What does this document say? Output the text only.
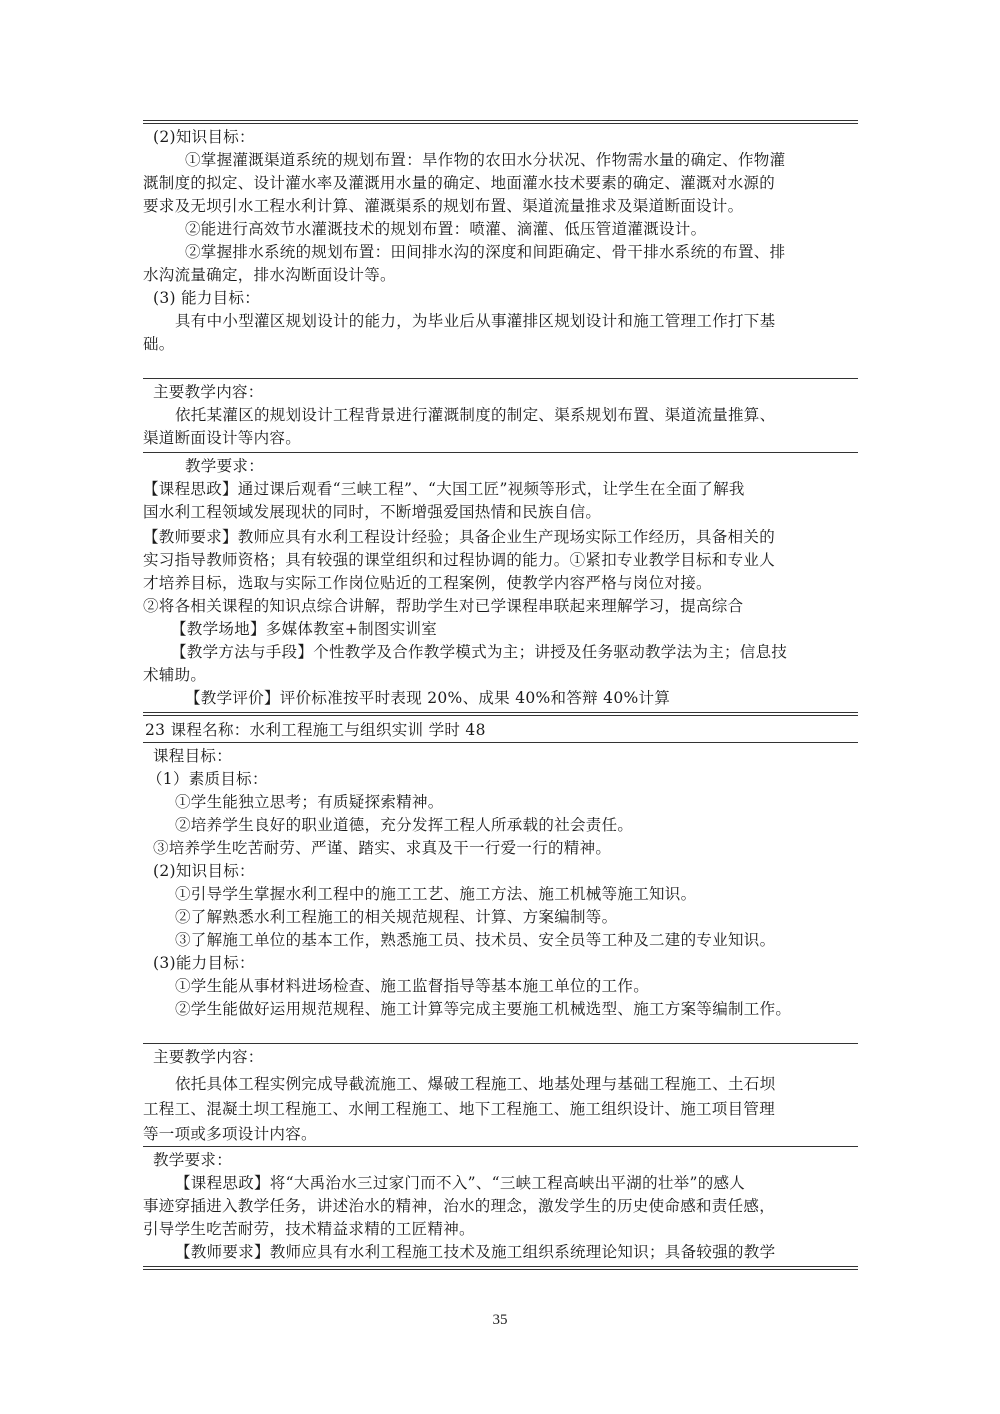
(2)知识目标：
①掌握灌溉渠道系统的规划布置：旱作物的农田水分状况、作物需水量的确定、作物灌
溉制度的拟定、设计灌水率及灌溉用水量的确定、地面灌水技术要素的确定、灌溉对水源的
要求及无坝引水工程水利计算、灌溉渠系的规划布置、渠道流量推求及渠道断面设计。
②能进行高效节水灌溉技术的规划布置：喷灌、滴灌、低压管道灌溉设计。
②掌握排水系统的规划布置：田间排水沟的深度和间距确定、骨干排水系统的布置、排
水沟流量确定，排水沟断面设计等。
(3) 能力目标：
具有中小型灌区规划设计的能力，为毕业后从事灌排区规划设计和施工管理工作打下基
础。
主要教学内容：
依托某灌区的规划设计工程背景进行灌溉制度的制定、渠系规划布置、渠道流量推算、
渠道断面设计等内容。
教学要求：
【课程思政】通过课后观看“三峡工程”、“大国工匠”视频等形式，让学生在全面了解我
国水利工程领域发展现状的同时，不断增强爱国热情和民族自信。
【教师要求】教师应具有水利工程设计经验；具备企业生产现场实际工作经历，具备相关的
实习指导教师资格；具有较强的课堂组织和过程协调的能力。①紧扣专业教学目标和专业人
才培养目标，选取与实际工作岗位贴近的工程案例，使教学内容严格与岗位对接。
②将各相关课程的知识点综合讲解，帮助学生对已学课程串联起来理解学习，提高综合
【教学场地】多媒体教室+制图实训室
【教学方法与手段】个性教学及合作教学模式为主；讲授及任务驱动教学法为主；信息技
术辅助。
【教学评价】评价标准按平时表现 20%、成果 40%和答辩 40%计算
23 课程名称：水利工程施工与组织实训 学时 48
课程目标：
（1）素质目标：
①学生能独立思考；有质疑探索精神。
②培养学生良好的职业道德，充分发挥工程人所承载的社会责任。
③培养学生吃苦耐劳、严谨、踏实、求真及干一行爱一行的精神。
(2)知识目标：
①引导学生掌握水利工程中的施工工艺、施工方法、施工机械等施工知识。
②了解熟悉水利工程施工的相关规范规程、计算、方案编制等。
③了解施工单位的基本工作，熟悉施工员、技术员、安全员等工种及二建的专业知识。
(3)能力目标：
①学生能从事材料进场检查、施工监督指导等基本施工单位的工作。
②学生能做好运用规范规程、施工计算等完成主要施工机械选型、施工方案等编制工作。
主要教学内容：
依托具体工程实例完成导截流施工、爆破工程施工、地基处理与基础工程施工、土石坝
工程工、混凝土坝工程施工、水闸工程施工、地下工程施工、施工组织设计、施工项目管理
等一项或多项设计内容。
教学要求：
【课程思政】将“大禹治水三过家门而不入”、“三峡工程高峡出平湖的壮举”的感人
事迹穿插进入教学任务，讲述治水的精神，治水的理念，激发学生的历史使命感和责任感，
引导学生吃苦耐劳，技术精益求精的工匠精神。
【教师要求】教师应具有水利工程施工技术及施工组织系统理论知识；具备较强的教学
35
